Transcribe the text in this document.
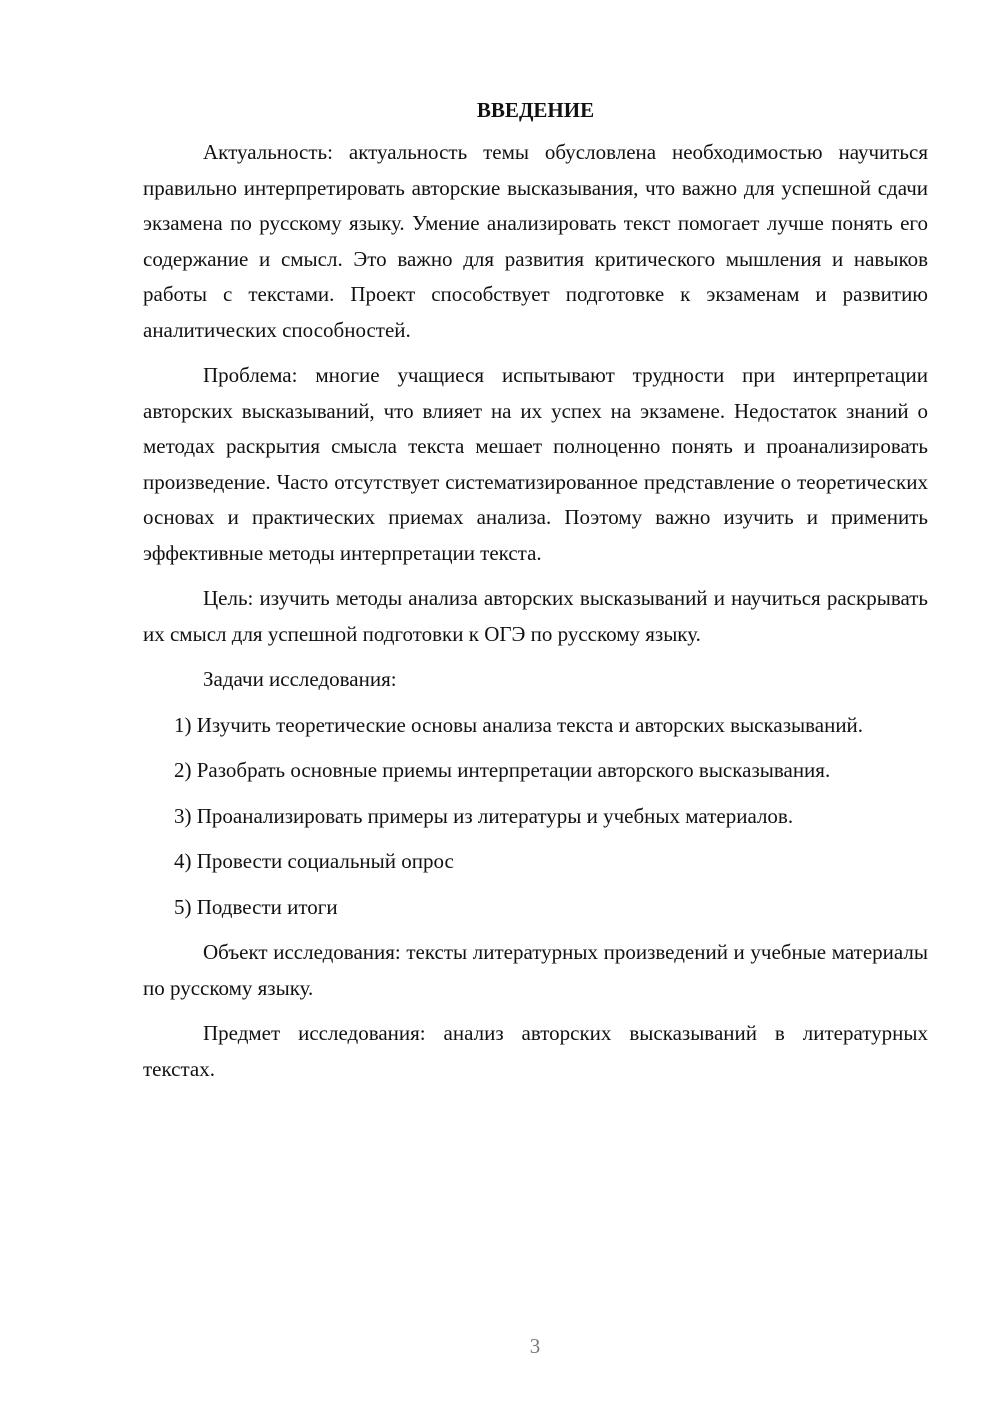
ВВЕДЕНИЕ

Актуальность: актуальность темы обусловлена необходимостью научиться правильно интерпретировать авторские высказывания, что важно для успешной сдачи экзамена по русскому языку. Умение анализировать текст помогает лучше понять его содержание и смысл. Это важно для развития критического мышления и навыков работы с текстами. Проект способствует подготовке к экзаменам и развитию аналитических способностей.

Проблема: многие учащиеся испытывают трудности при интерпретации авторских высказываний, что влияет на их успех на экзамене. Недостаток знаний о методах раскрытия смысла текста мешает полноценно понять и проанализировать произведение. Часто отсутствует систематизированное представление о теоретических основах и практических приемах анализа. Поэтому важно изучить и применить эффективные методы интерпретации текста.

Цель: изучить методы анализа авторских высказываний и научиться раскрывать их смысл для успешной подготовки к ОГЭ по русскому языку.

Задачи исследования:

1) Изучить теоретические основы анализа текста и авторских высказываний.

2) Разобрать основные приемы интерпретации авторского высказывания.

3) Проанализировать примеры из литературы и учебных материалов.

4) Провести социальный опрос

5) Подвести итоги

Объект исследования: тексты литературных произведений и учебные материалы по русскому языку.

Предмет исследования: анализ авторских высказываний в литературных текстах.

3
